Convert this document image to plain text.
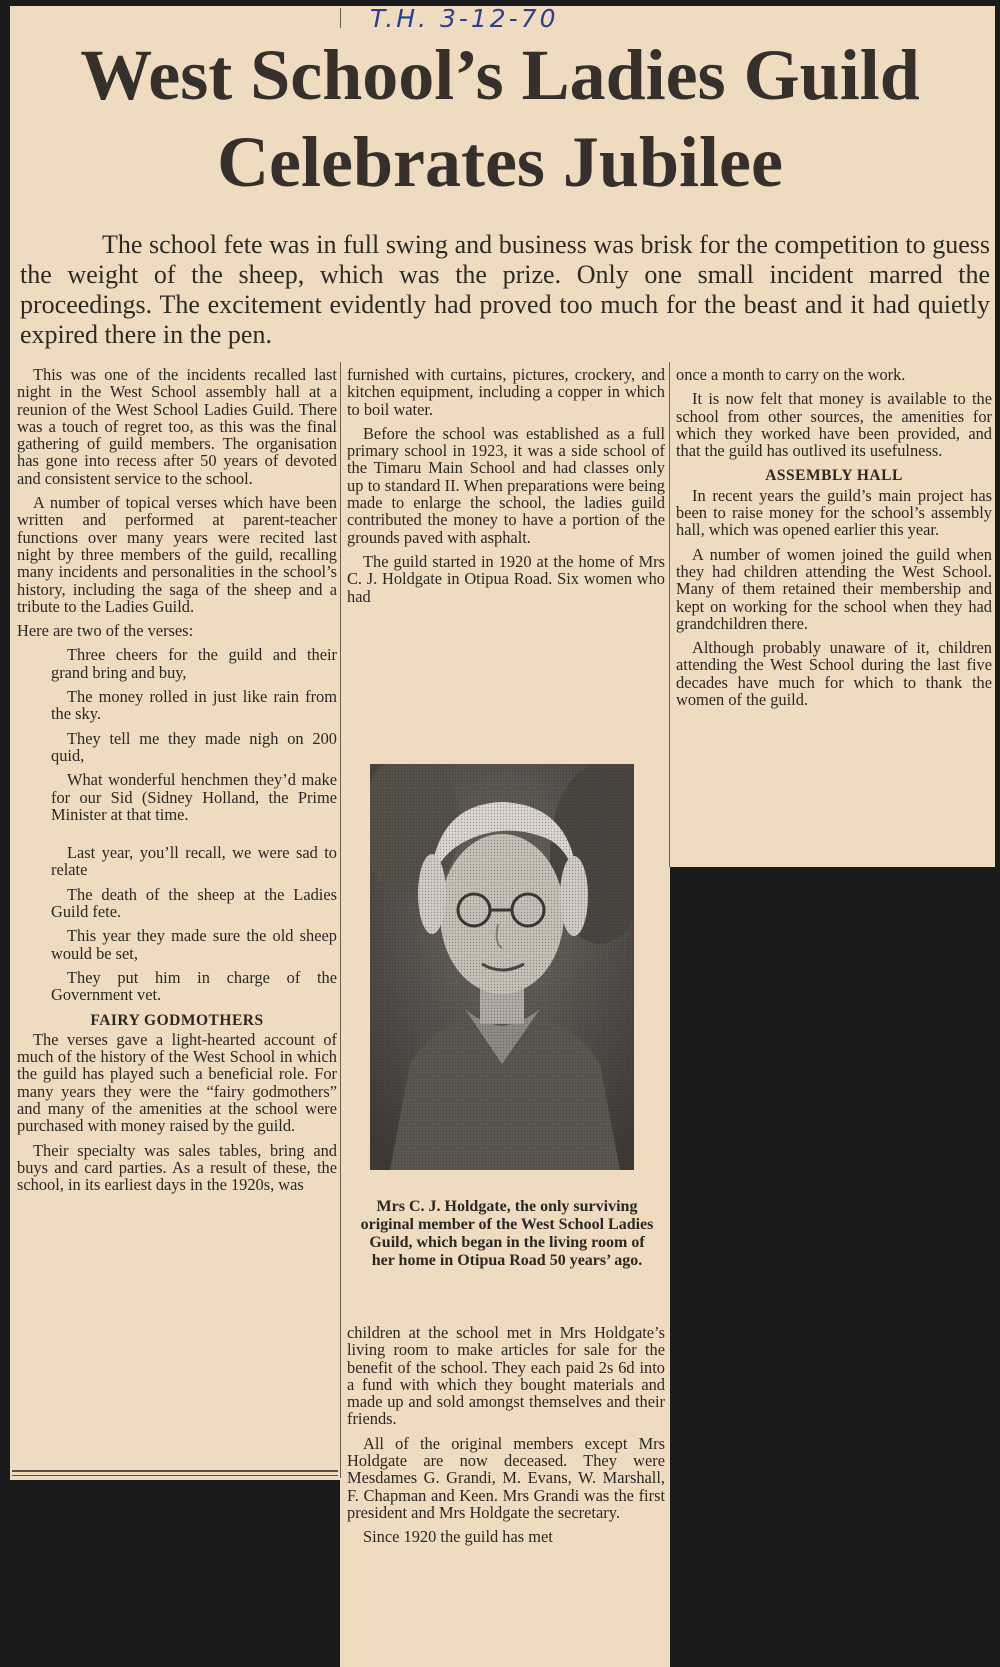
T.H. 3-12-70
West School’s Ladies Guild
Celebrates Jubilee

The school fete was in full swing and business was brisk for the competition to guess the weight of the sheep, which was the prize. Only one small incident marred the proceedings. The excitement evidently had proved too much for the beast and it had quietly expired there in the pen.

This was one of the incidents recalled last night in the West School assembly hall at a reunion of the West School Ladies Guild. There was a touch of regret too, as this was the final gathering of guild members. The organisation has gone into recess after 50 years of devoted and consistent service to the school.

A number of topical verses which have been written and performed at parent-teacher functions over many years were recited last night by three members of the guild, recalling many incidents and personalities in the school’s history, including the saga of the sheep and a tribute to the Ladies Guild.

Here are two of the verses:

Three cheers for the guild and their grand bring and buy,

The money rolled in just like rain from the sky.

They tell me they made nigh on 200 quid,

What wonderful henchmen they’d make for our Sid (Sidney Holland, the Prime Minister at that time.

Last year, you’ll recall, we were sad to relate

The death of the sheep at the Ladies Guild fete.

This year they made sure the old sheep would be set,

They put him in charge of the Government vet.

FAIRY GODMOTHERS

The verses gave a light-hearted account of much of the history of the West School in which the guild has played such a beneficial role. For many years they were the “fairy godmothers” and many of the amenities at the school were purchased with money raised by the guild.

Their specialty was sales tables, bring and buys and card parties. As a result of these, the school, in its earliest days in the 1920s, was

furnished with curtains, pictures, crockery, and kitchen equipment, including a copper in which to boil water.

Before the school was established as a full primary school in 1923, it was a side school of the Timaru Main School and had classes only up to standard II. When preparations were being made to enlarge the school, the ladies guild contributed the money to have a portion of the grounds paved with asphalt.

The guild started in 1920 at the home of Mrs C. J. Holdgate in Otipua Road. Six women who had

Mrs C. J. Holdgate, the only surviving original member of the West School Ladies Guild, which began in the living room of her home in Otipua Road 50 years’ ago.

children at the school met in Mrs Holdgate’s living room to make articles for sale for the benefit of the school. They each paid 2s 6d into a fund with which they bought materials and made up and sold amongst themselves and their friends.

All of the original members except Mrs Holdgate are now deceased. They were Mesdames G. Grandi, M. Evans, W. Marshall, F. Chapman and Keen. Mrs Grandi was the first president and Mrs Holdgate the secretary.

Since 1920 the guild has met

once a month to carry on the work.

It is now felt that money is available to the school from other sources, the amenities for which they worked have been provided, and that the guild has outlived its usefulness.

ASSEMBLY HALL

In recent years the guild’s main project has been to raise money for the school’s assembly hall, which was opened earlier this year.

A number of women joined the guild when they had children attending the West School. Many of them retained their membership and kept on working for the school when they had grandchildren there.

Although probably unaware of it, children attending the West School during the last five decades have much for which to thank the women of the guild.
